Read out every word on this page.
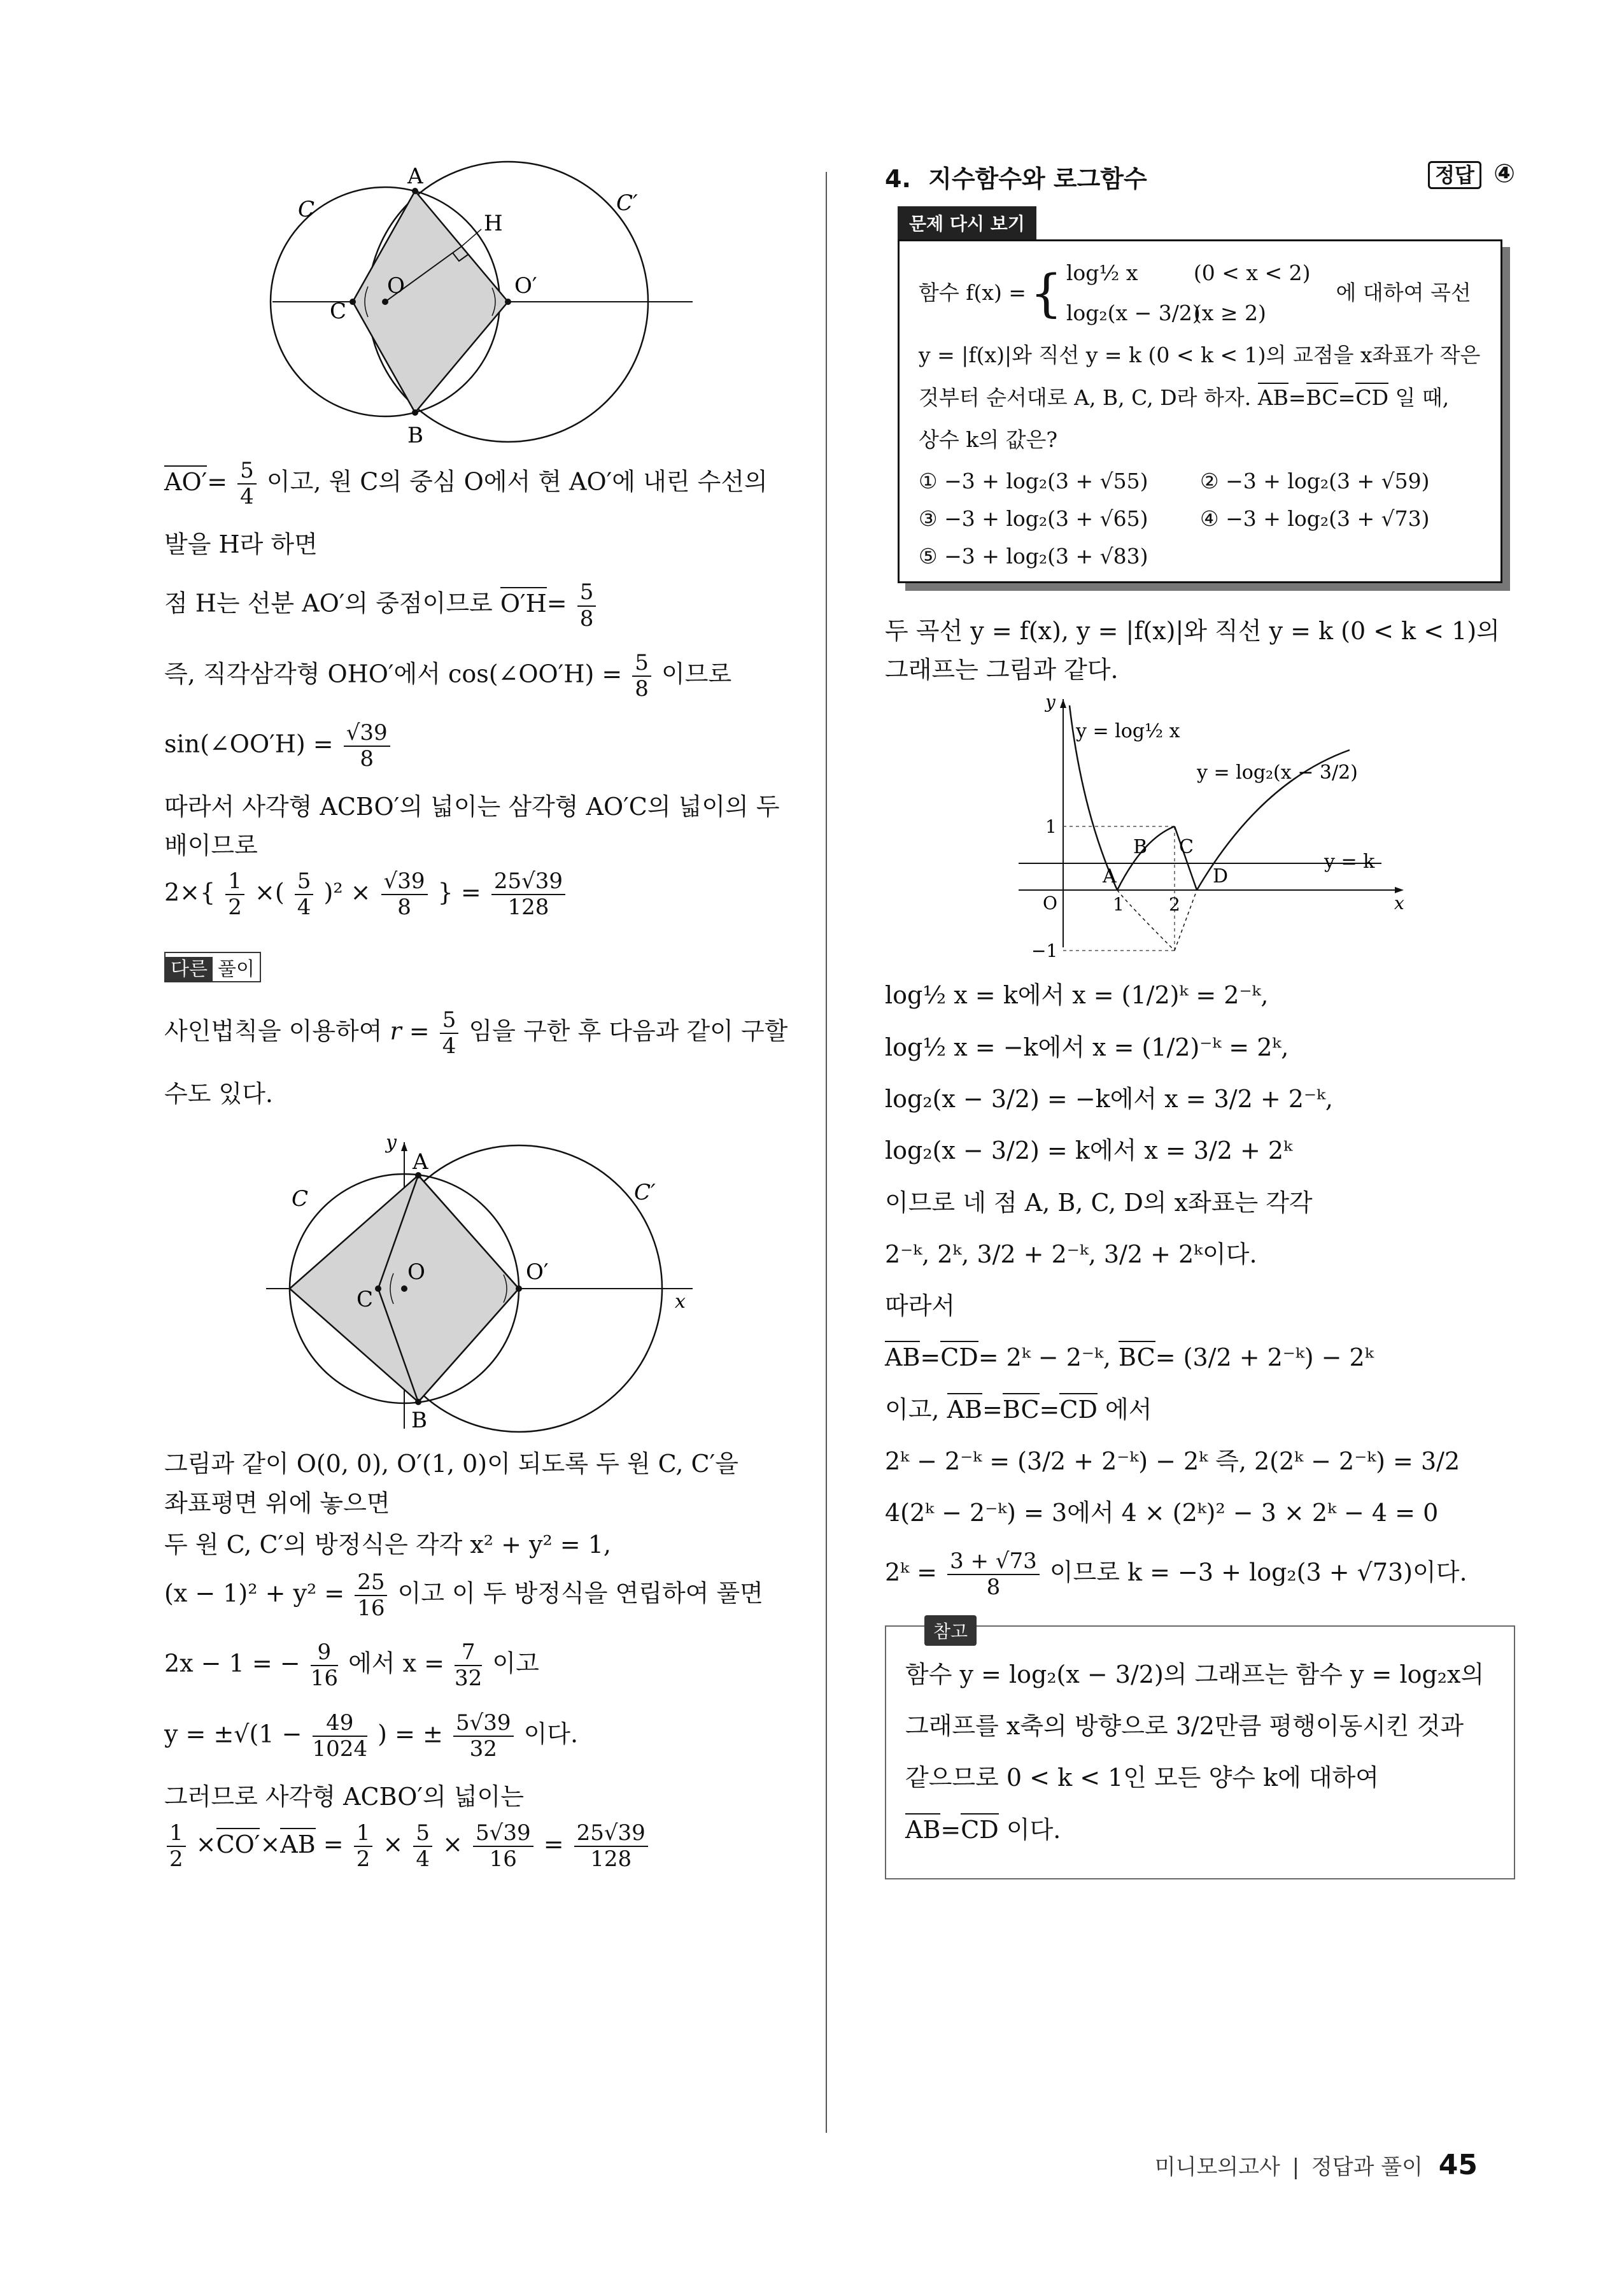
C	C′
A
H
O	O′
C
B
$AO'= \frac{5}{4}$ 이고, 원 C의 중심 O에서 현 AO′에 내린 수선의
발을 H라 하면
점 H는 선분 AO′의 중점이므로 $O'H= \frac{5}{8}$
즉, 직각삼각형 OHO′에서 cos(∠OO′H) = $\frac{5}{8}$ 이므로
sin(∠OO′H) = $\frac{√39}{8}$
따라서 사각형 ACBO′의 넓이는 삼각형 AO′C의 넓이의 두
배이므로
$2\times\{ \frac{1}{2}$ ×( $\frac{5}{4} )^2 \times \frac{√39}{8}$ } = $\frac{25√39}{128}$
다른 풀이
사인법칙을 이용하여 $r = \frac{5}{4}$ 임을 구한 후 다음과 같이 구할
수도 있다.
y
A
C	C′
O	O′
C	x
B
그림과 같이 O(0, 0), O′(1, 0)이 되도록 두 원 C, C′을
좌표평면 위에 놓으면
두 원 C, C′의 방정식은 각각 x² + y² = 1,
$(x - 1)^2 + y^2 = \frac{25}{16}$ 이고 이 두 방정식을 연립하여 풀면
2x − 1 = − $\frac{9}{16}$ 에서 $x = \frac{7}{32}$ 이고
$y = \pm√(1 - \frac{49}{1024}$ ) = ± $\frac{5√39}{32}$ 이다.
그러므로 사각형 ACBO′의 넓이는
$\frac{1}{2} \times CO'\times AB = \frac{1}{2} \times \frac{5}{4} \times \frac{5√39}{16} = \frac{25√39}{128}$
4. 지수함수와 로그함수	정답 ④
문제 다시 보기
함수 f(x) = { log½ x	(0 < x < 2)
log₂(x − 3/2)(x ≥ 2)
에 대하여 곡선
y = |f(x)|와 직선 y = k (0 < k < 1)의 교점을 x좌표가 작은
것부터 순서대로 A, B, C, D라 하자. AB=BC=CD 일 때,
상수 k의 값은?
① −3 + log₂(3 + √55)	② −3 + log₂(3 + √59)
③ −3 + log₂(3 + √65)	④ −3 + log₂(3 + √73)
⑤ −3 + log₂(3 + √83)
두 곡선 y = f(x), y = |f(x)|와 직선 y = k (0 < k < 1)의
그래프는 그림과 같다.
y
x
O
1
−1
1	2
A
B C
D
y = log½ x
y = log₂(x − 3/2)
y = k
log½ x = k에서 x = (1/2)ᵏ = 2⁻ᵏ,
log½ x = −k에서 x = (1/2)⁻ᵏ = 2ᵏ,
log₂(x − 3/2) = −k에서 x = 3/2 + 2⁻ᵏ,
log₂(x − 3/2) = k에서 x = 3/2 + 2ᵏ
이므로 네 점 A, B, C, D의 x좌표는 각각
2⁻ᵏ, 2ᵏ, 3/2 + 2⁻ᵏ, 3/2 + 2ᵏ이다.
따라서
AB=CD= 2ᵏ − 2⁻ᵏ, BC= (3/2 + 2⁻ᵏ) − 2ᵏ
이고, AB=BC=CD 에서
2ᵏ − 2⁻ᵏ = (3/2 + 2⁻ᵏ) − 2ᵏ 즉, 2(2ᵏ − 2⁻ᵏ) = 3/2
4(2ᵏ − 2⁻ᵏ) = 3에서 4 × (2ᵏ)² − 3 × 2ᵏ − 4 = 0
2ᵏ = $\frac{3 + √73}{8}$ 이므로 k = −3 + log₂(3 + √73)이다.
참고
함수 y = log₂(x − 3/2)의 그래프는 함수 y = log₂x의
그래프를 x축의 방향으로 3/2만큼 평행이동시킨 것과
같으므로 0 < k < 1인 모든 양수 k에 대하여
AB=CD 이다.
미니모의고사 | 정답과 풀이 45
